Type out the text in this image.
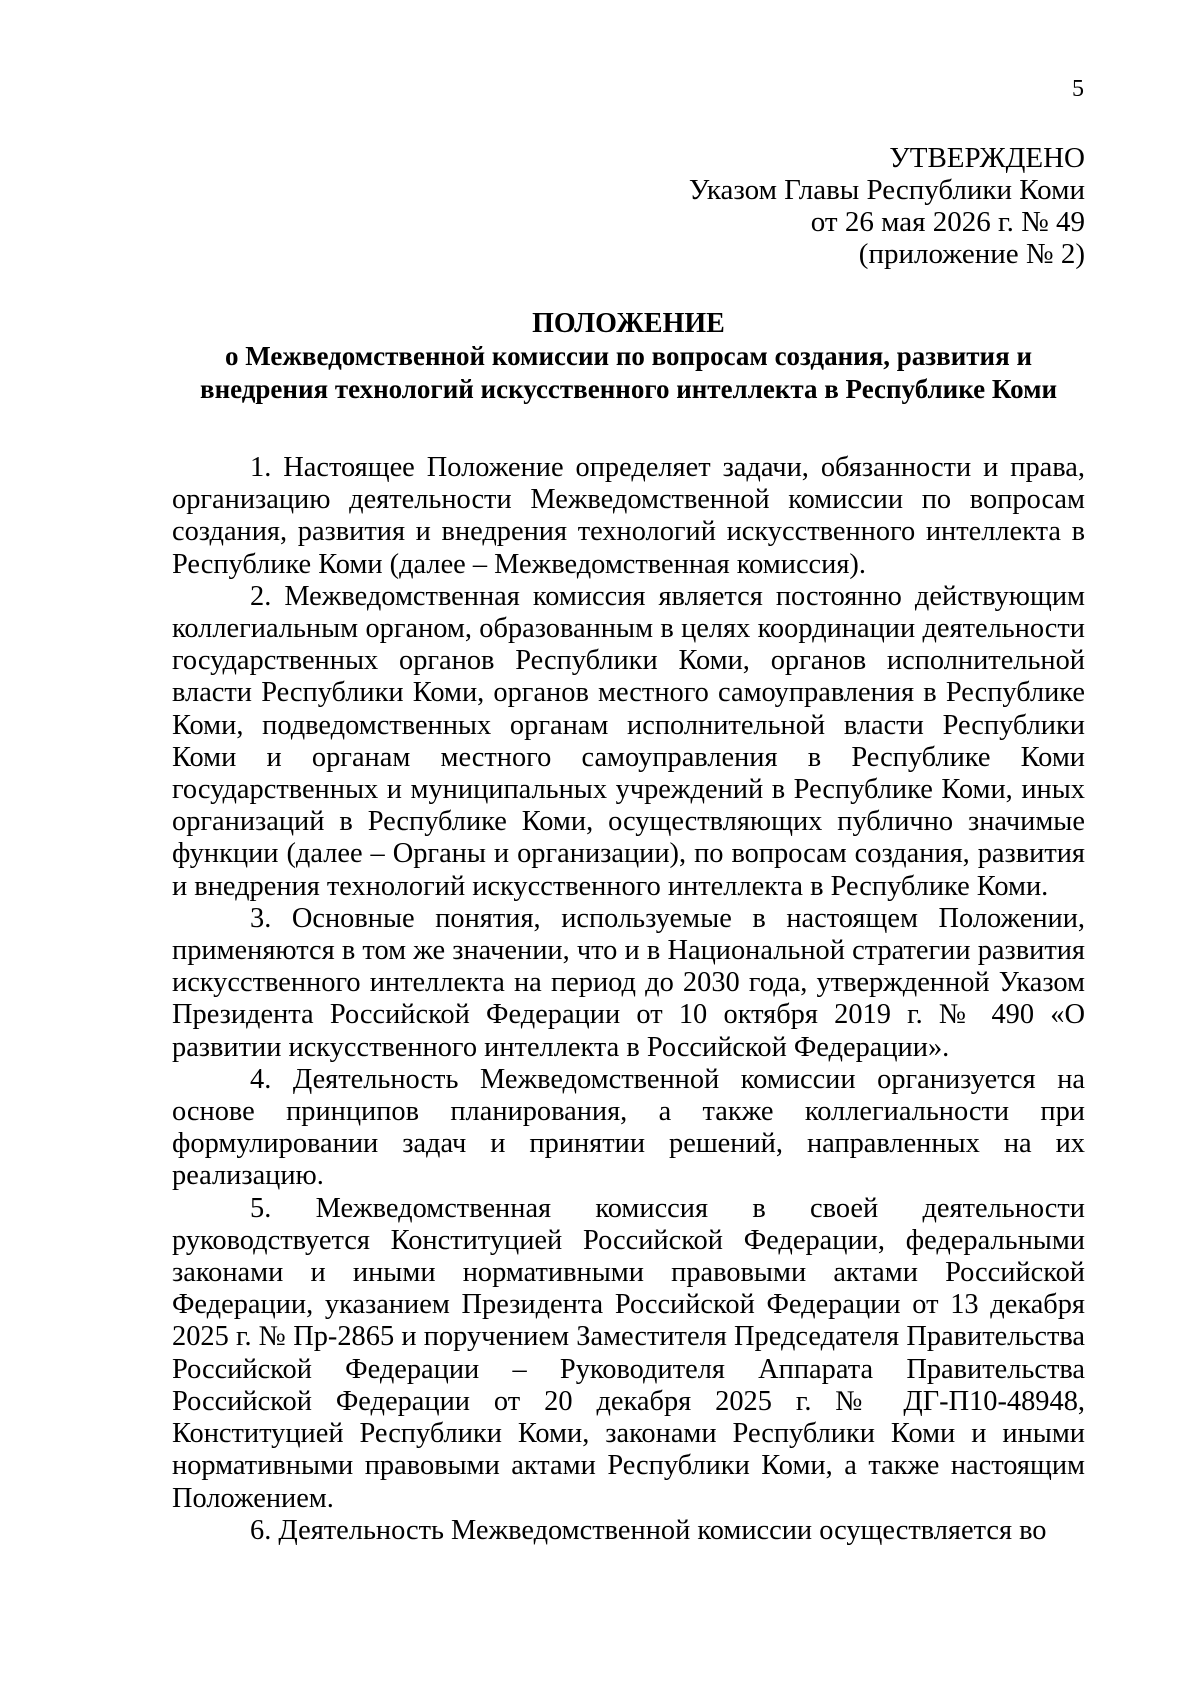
5
УТВЕРЖДЕНО
Указом Главы Республики Коми
от 26 мая 2026 г. № 49
(приложение № 2)
ПОЛОЖЕНИЕ
о Межведомственной комиссии по вопросам создания, развития и
внедрения технологий искусственного интеллекта в Республике Коми

1. Настоящее Положение определяет задачи, обязанности и права, организацию деятельности Межведомственной комиссии по вопросам создания, развития и внедрения технологий искусственного интеллекта в Республике Коми (далее – Межведомственная комиссия).

2. Межведомственная комиссия является постоянно действующим коллегиальным органом, образованным в целях координации деятельности государственных органов Республики Коми, органов исполнительной власти Республики Коми, органов местного самоуправления в Республике Коми, подведомственных органам исполнительной власти Республики Коми и органам местного самоуправления в Республике Коми государственных и муниципальных учреждений в Республике Коми, иных организаций в Республике Коми, осуществляющих публично значимые функции (далее – Органы и организации), по вопросам создания, развития и внедрения технологий искусственного интеллекта в Республике Коми.

3. Основные понятия, используемые в настоящем Положении, применяются в том же значении, что и в Национальной стратегии развития искусственного интеллекта на период до 2030 года, утвержденной Указом Президента Российской Федерации от 10 октября 2019 г. № 490 «О развитии искусственного интеллекта в Российской Федерации».

4. Деятельность Межведомственной комиссии организуется на основе принципов планирования, а также коллегиальности при формулировании задач и принятии решений, направленных на их реализацию.

5. Межведомственная комиссия в своей деятельности руководствуется Конституцией Российской Федерации, федеральными законами и иными нормативными правовыми актами Российской Федерации, указанием Президента Российской Федерации от 13 декабря 2025 г. № Пр-2865 и поручением Заместителя Председателя Правительства Российской Федерации – Руководителя Аппарата Правительства Российской Федерации от 20 декабря 2025 г. № ДГ-П10-48948, Конституцией Республики Коми, законами Республики Коми и иными нормативными правовыми актами Республики Коми, а также настоящим Положением.

6. Деятельность Межведомственной комиссии осуществляется во
